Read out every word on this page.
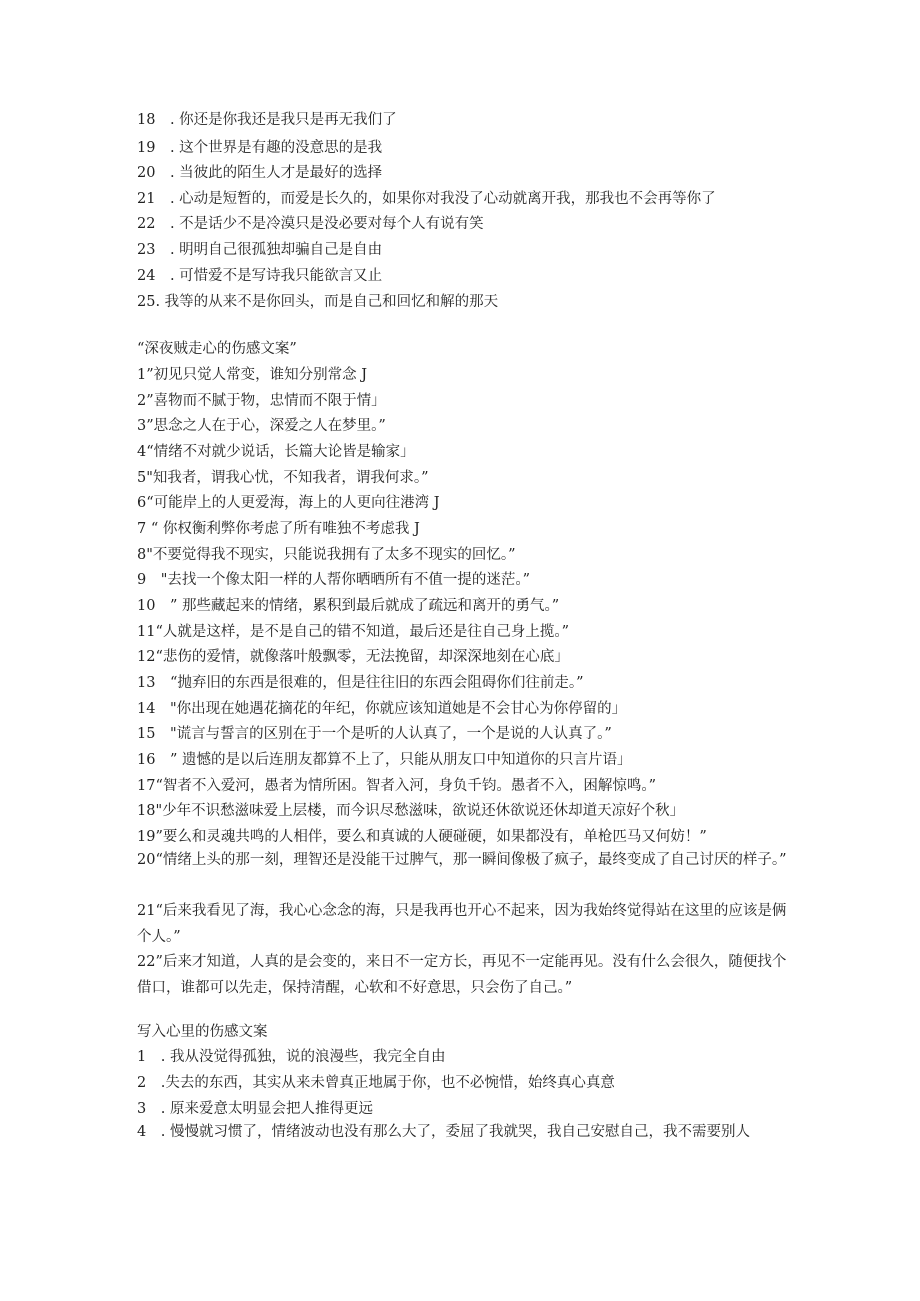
18　. 你还是你我还是我只是再无我们了
19　. 这个世界是有趣的没意思的是我
20　. 当彼此的陌生人才是最好的选择
21　. 心动是短暂的，而爱是长久的，如果你对我没了心动就离开我，那我也不会再等你了
22　. 不是话少不是冷漠只是没必要对每个人有说有笑
23　. 明明自己很孤独却骗自己是自由
24　. 可惜爱不是写诗我只能欲言又止
25. 我等的从来不是你回头，而是自己和回忆和解的那天
“深夜贼走心的伤感文案”
1”初见只觉人常变，谁知分别常念 J
2”喜物而不腻于物，忠情而不限于情」
3”思念之人在于心，深爱之人在梦里。”
4“情绪不对就少说话，长篇大论皆是输家」
5"知我者，谓我心忧，不知我者，谓我何求。”
6“可能岸上的人更爱海，海上的人更向往港湾 J
7 “ 你权衡利弊你考虑了所有唯独不考虑我 J
8"不要觉得我不现实，只能说我拥有了太多不现实的回忆。”
9　"去找一个像太阳一样的人帮你晒晒所有不值一提的迷茫。”
10　” 那些藏起来的情绪，累积到最后就成了疏远和离开的勇气。”
11“人就是这样，是不是自己的错不知道，最后还是往自己身上揽。”
12“悲伤的爱情，就像落叶般飘零，无法挽留，却深深地刻在心底」
13　“抛弃旧的东西是很难的，但是往往旧的东西会阻碍你们往前走。”
14　"你出现在她遇花摘花的年纪，你就应该知道她是不会甘心为你停留的」
15　"谎言与誓言的区别在于一个是听的人认真了，一个是说的人认真了。”
16　” 遗憾的是以后连朋友都算不上了，只能从朋友口中知道你的只言片语」
17“智者不入爱河，愚者为情所困。智者入河，身负千钧。愚者不入，困解惊鸣。”
18"少年不识愁滋味爱上层楼，而今识尽愁滋味，欲说还休欲说还休却道天凉好个秋」
19”要么和灵魂共鸣的人相伴，要么和真诚的人硬碰硬，如果都没有，单枪匹马又何妨！”
20“情绪上头的那一刻，理智还是没能干过脾气，那一瞬间像极了疯子，最终变成了自己讨厌的样子。”
21“后来我看见了海，我心心念念的海，只是我再也开心不起来，因为我始终觉得站在这里的应该是俩个人。”
22”后来才知道，人真的是会变的，来日不一定方长，再见不一定能再见。没有什么会很久，随便找个借口，谁都可以先走，保持清醒，心软和不好意思，只会伤了自己。”
写入心里的伤感文案
1　. 我从没觉得孤独，说的浪漫些，我完全自由
2　.失去的东西，其实从来未曾真正地属于你，也不必惋惜，始终真心真意
3　. 原来爱意太明显会把人推得更远
4　. 慢慢就习惯了，情绪波动也没有那么大了，委屈了我就哭，我自己安慰自己，我不需要别人
